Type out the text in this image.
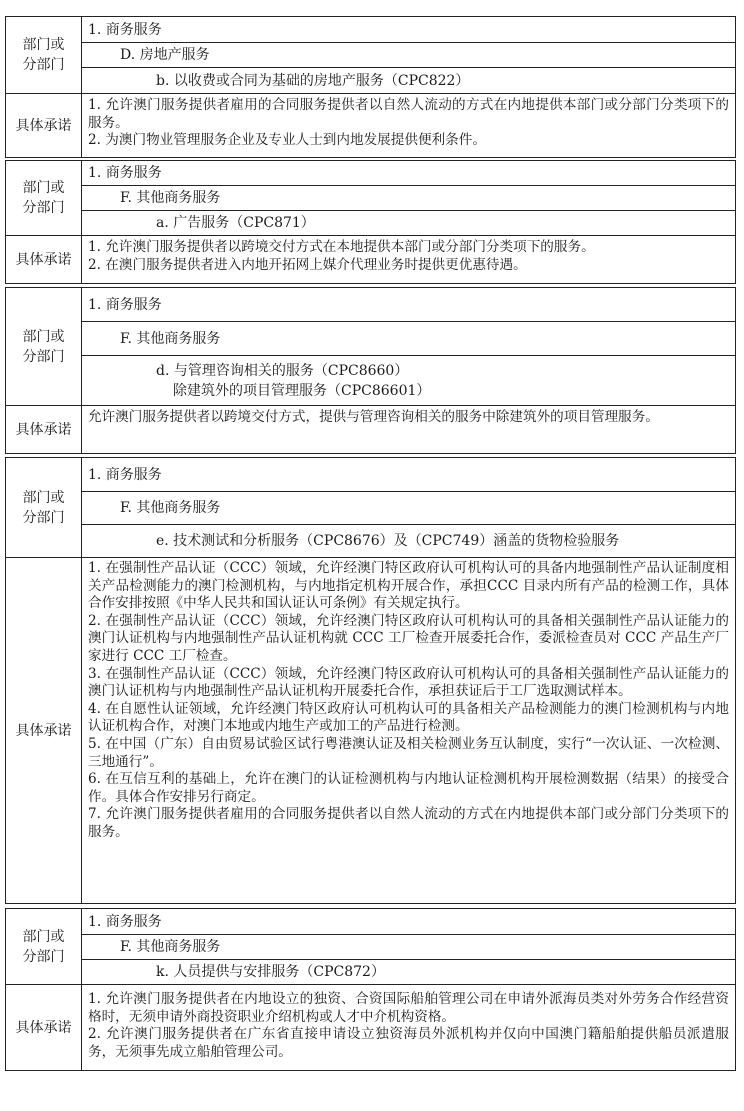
部门或
分部门
1. 商务服务
D. 房地产服务
b. 以收费或合同为基础的房地产服务（CPC822）
具体承诺

1. 允许澳门服务提供者雇用的合同服务提供者以自然人流动的方式在内地提供本部门或分部门分类项下的服务。

2. 为澳门物业管理服务企业及专业人士到内地发展提供便利条件。

部门或
分部门
1. 商务服务
F. 其他商务服务
a. 广告服务（CPC871）
具体承诺

1. 允许澳门服务提供者以跨境交付方式在本地提供本部门或分部门分类项下的服务。

2. 在澳门服务提供者进入内地开拓网上媒介代理业务时提供更优惠待遇。

部门或
分部门
1. 商务服务
F. 其他商务服务
d. 与管理咨询相关的服务（CPC8660）
除建筑外的项目管理服务（CPC86601）
具体承诺

允许澳门服务提供者以跨境交付方式，提供与管理咨询相关的服务中除建筑外的项目管理服务。

部门或
分部门
1. 商务服务
F. 其他商务服务
e. 技术测试和分析服务（CPC8676）及（CPC749）涵盖的货物检验服务
具体承诺

1. 在强制性产品认证（CCC）领域，允许经澳门特区政府认可机构认可的具备内地强制性产品认证制度相关产品检测能力的澳门检测机构，与内地指定机构开展合作，承担CCC 目录内所有产品的检测工作，具体合作安排按照《中华人民共和国认证认可条例》有关规定执行。

2. 在强制性产品认证（CCC）领域，允许经澳门特区政府认可机构认可的具备相关强制性产品认证能力的澳门认证机构与内地强制性产品认证机构就 CCC 工厂检查开展委托合作，委派检查员对 CCC 产品生产厂家进行 CCC 工厂检查。

3. 在强制性产品认证（CCC）领域，允许经澳门特区政府认可机构认可的具备相关强制性产品认证能力的澳门认证机构与内地强制性产品认证机构开展委托合作，承担获证后于工厂选取测试样本。

4. 在自愿性认证领域，允许经澳门特区政府认可机构认可的具备相关产品检测能力的澳门检测机构与内地认证机构合作，对澳门本地或内地生产或加工的产品进行检测。

5. 在中国（广东）自由贸易试验区试行粤港澳认证及相关检测业务互认制度，实行“一次认证、一次检测、三地通行”。

6. 在互信互利的基础上，允许在澳门的认证检测机构与内地认证检测机构开展检测数据（结果）的接受合作。具体合作安排另行商定。

7. 允许澳门服务提供者雇用的合同服务提供者以自然人流动的方式在内地提供本部门或分部门分类项下的服务。

部门或
分部门
1. 商务服务
F. 其他商务服务
k. 人员提供与安排服务（CPC872）
具体承诺

1. 允许澳门服务提供者在内地设立的独资、合资国际船舶管理公司在申请外派海员类对外劳务合作经营资格时，无须申请外商投资职业介绍机构或人才中介机构资格。

2. 允许澳门服务提供者在广东省直接申请设立独资海员外派机构并仅向中国澳门籍船舶提供船员派遣服务，无须事先成立船舶管理公司。
